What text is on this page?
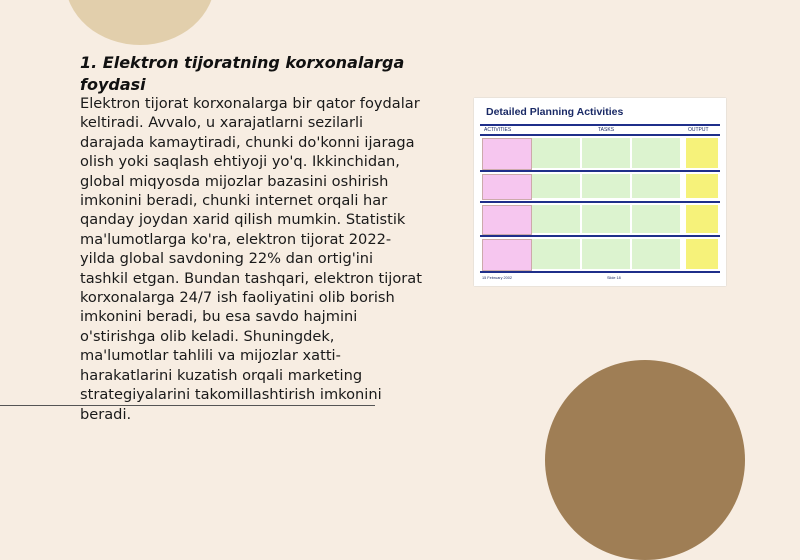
1. Elektron tijoratning korxonalarga foydasi

Elektron tijorat korxonalarga bir qator foydalar keltiradi. Avvalo, u xarajatlarni sezilarli darajada kamaytiradi, chunki do'konni ijaraga olish yoki saqlash ehtiyoji yo'q. Ikkinchidan, global miqyosda mijozlar bazasini oshirish imkonini beradi, chunki internet orqali har qanday joydan xarid qilish mumkin. Statistik ma'lumotlarga ko'ra, elektron tijorat 2022-yilda global savdoning 22% dan ortig'ini tashkil etgan. Bundan tashqari, elektron tijorat korxonalarga 24/7 ish faoliyatini olib borish imkonini beradi, bu esa savdo hajmini o'stirishga olib keladi. Shuningdek, ma'lumotlar tahlili va mijozlar xatti-harakatlarini kuzatish orqali marketing strategiyalarini takomillashtirish imkonini beradi.

Detailed Planning Activities
ACTIVITIES	TASKS	OUTPUT
15 February 2002	Slide 18
